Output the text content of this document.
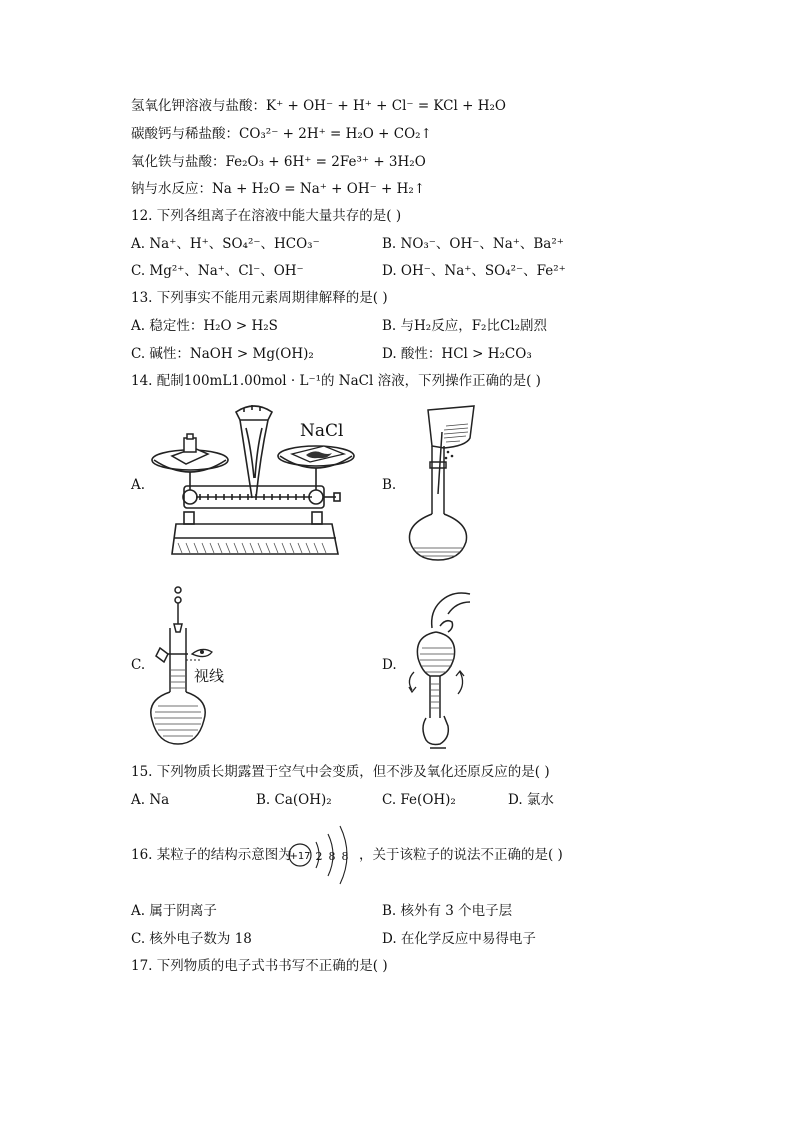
氢氧化钾溶液与盐酸：K⁺ + OH⁻ + H⁺ + Cl⁻ = KCl + H₂O
碳酸钙与稀盐酸：CO₃²⁻ + 2H⁺ = H₂O + CO₂↑
氧化铁与盐酸：Fe₂O₃ + 6H⁺ = 2Fe³⁺ + 3H₂O
钠与水反应：Na + H₂O = Na⁺ + OH⁻ + H₂↑
12. 下列各组离子在溶液中能大量共存的是( )
A. Na⁺、H⁺、SO₄²⁻、HCO₃⁻	B. NO₃⁻、OH⁻、Na⁺、Ba²⁺
C. Mg²⁺、Na⁺、Cl⁻、OH⁻	D. OH⁻、Na⁺、SO₄²⁻、Fe²⁺
13. 下列事实不能用元素周期律解释的是( )
A. 稳定性：H₂O > H₂S	B. 与H₂反应，F₂比Cl₂剧烈
C. 碱性：NaOH > Mg(OH)₂	D. 酸性：HCl > H₂CO₃
14. 配制100mL1.00mol · L⁻¹的 NaCl 溶液，下列操作正确的是( )
A.	B.
C.	D.
NaCl
视线
15. 下列物质长期露置于空气中会变质，但不涉及氧化还原反应的是( )
A. Na	B. Ca(OH)₂	C. Fe(OH)₂	D. 氯水
16. 某粒子的结构示意图为
+17 2 8 8 ，关于该粒子的说法不正确的是( )
A. 属于阴离子	B. 核外有 3 个电子层
C. 核外电子数为 18	D. 在化学反应中易得电子
17. 下列物质的电子式书书写不正确的是( )
